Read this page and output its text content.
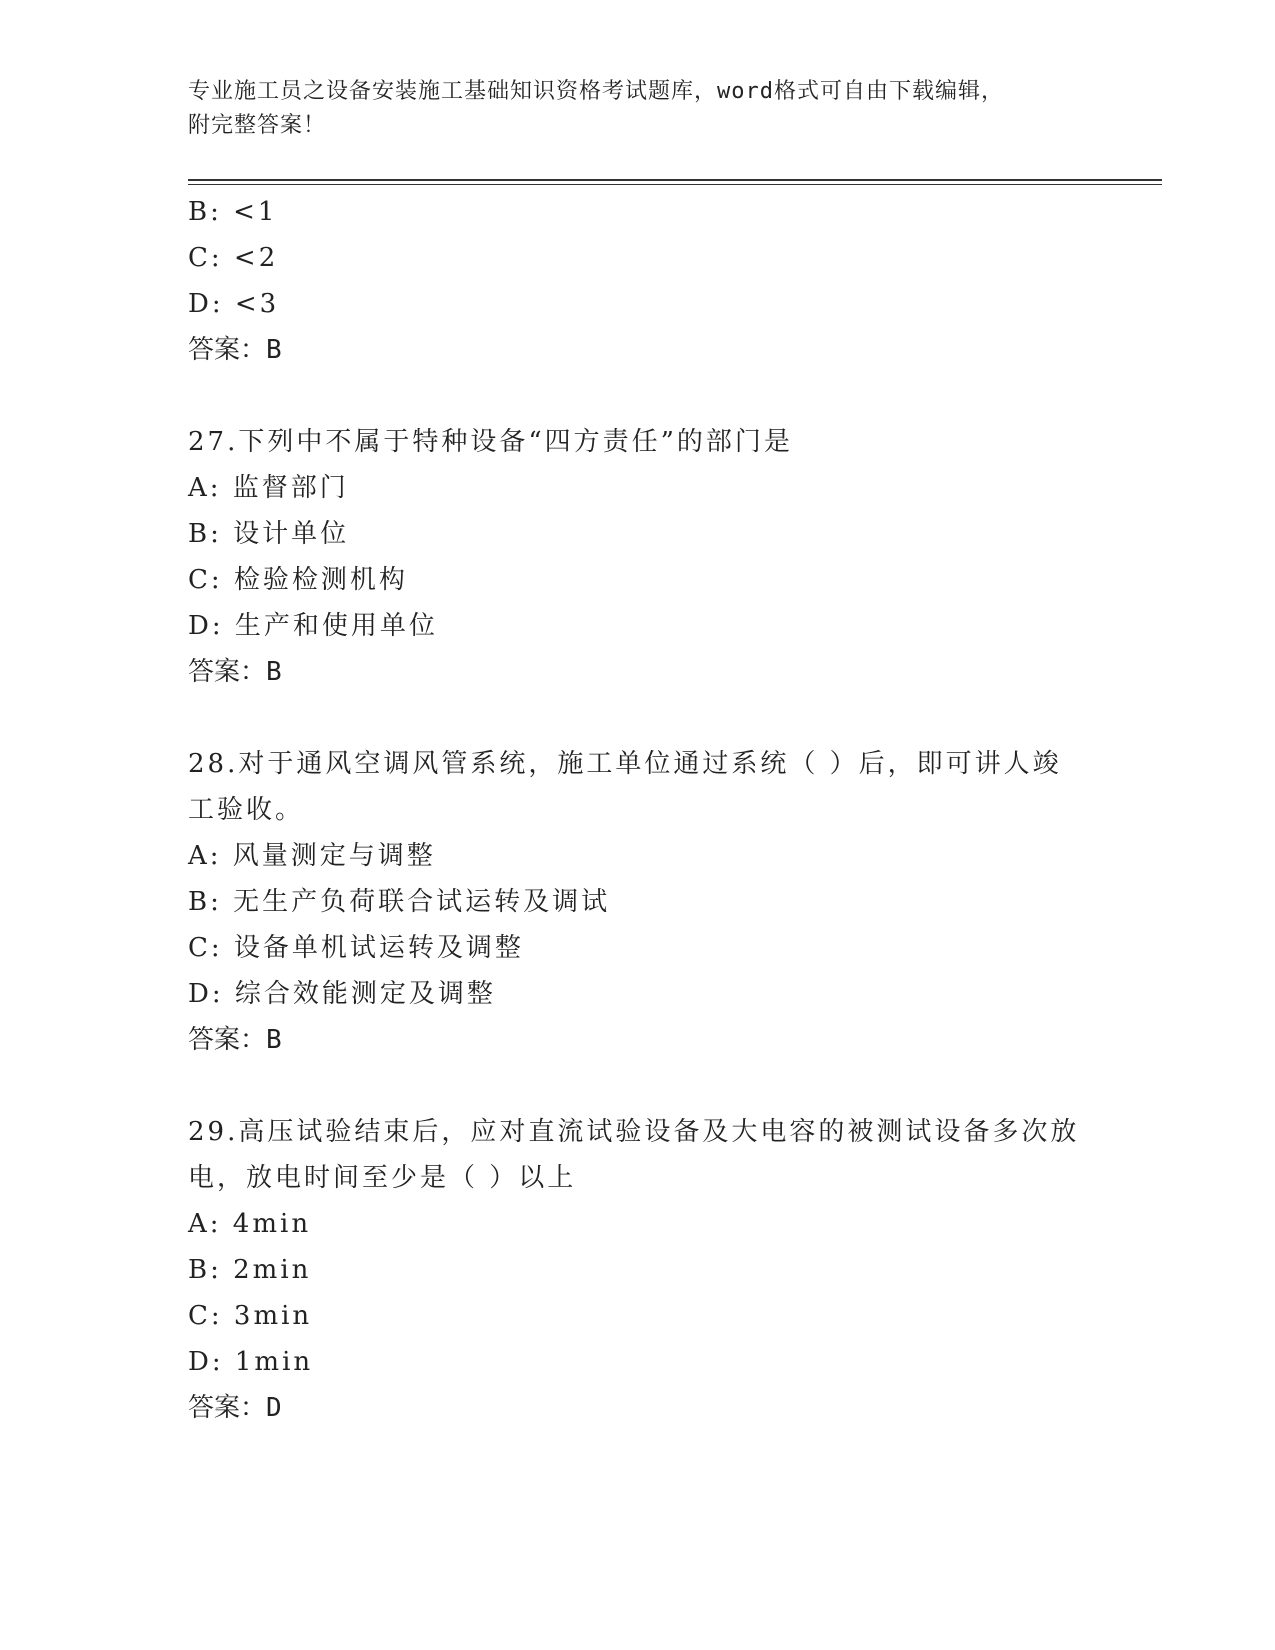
专业施工员之设备安装施工基础知识资格考试题库，word格式可自由下载编辑，
附完整答案！
B: <1
C: <2
D: <3
答案：B
27.下列中不属于特种设备“四方责任”的部门是
A: 监督部门
B: 设计单位
C: 检验检测机构
D: 生产和使用单位
答案：B
28.对于通风空调风管系统，施工单位通过系统（ ）后，即可讲人竣
工验收。
A: 风量测定与调整
B: 无生产负荷联合试运转及调试
C: 设备单机试运转及调整
D: 综合效能测定及调整
答案：B
29.高压试验结束后，应对直流试验设备及大电容的被测试设备多次放
电，放电时间至少是（ ）以上
A: 4min
B: 2min
C: 3min
D: 1min
答案：D
